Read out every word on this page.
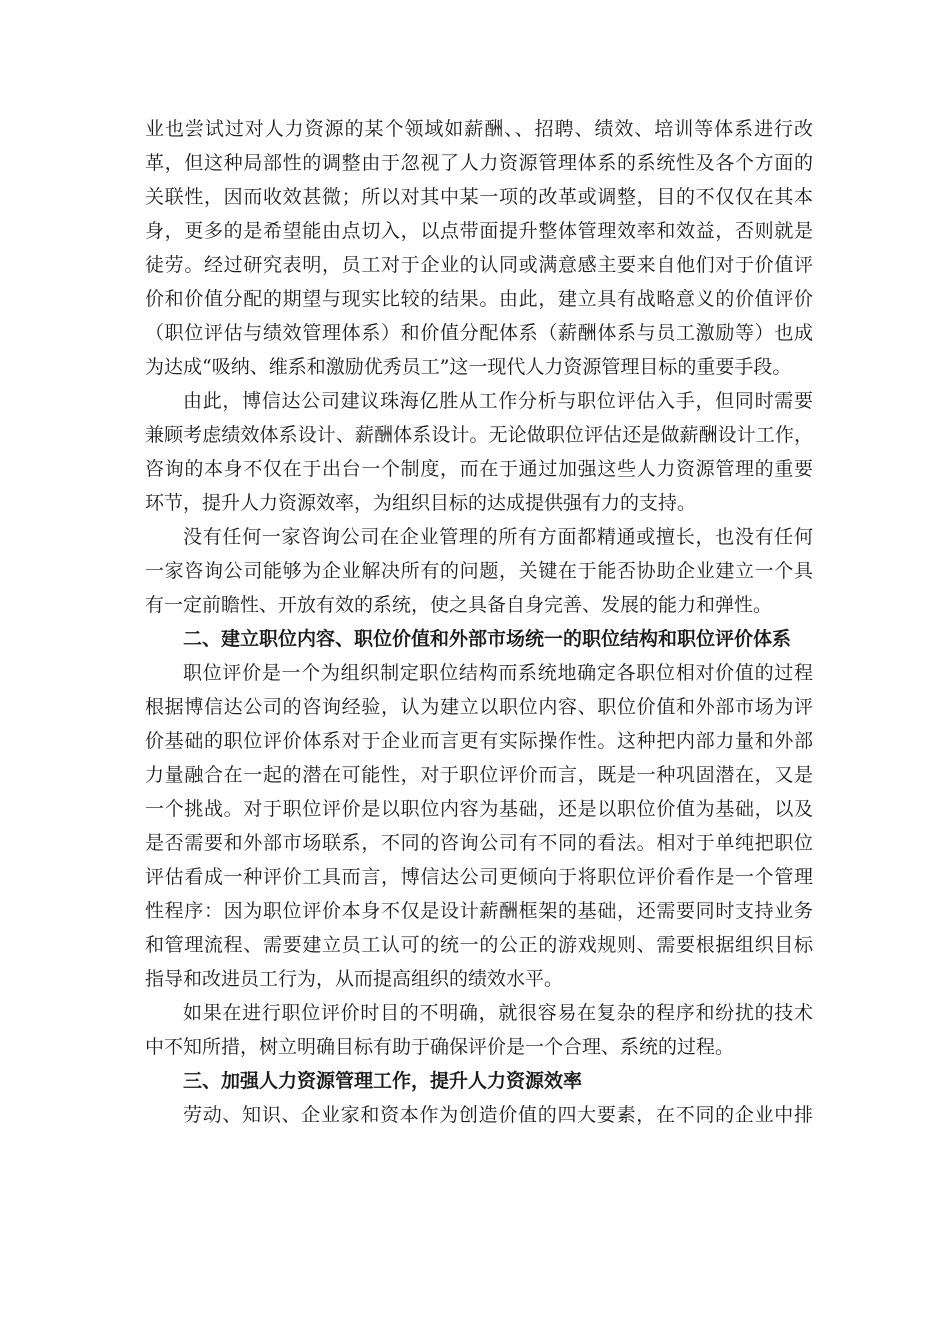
业也尝试过对人力资源的某个领域如薪酬、、招聘、绩效、培训等体系进行改
革，但这种局部性的调整由于忽视了人力资源管理体系的系统性及各个方面的
关联性，因而收效甚微；所以对其中某一项的改革或调整，目的不仅仅在其本
身，更多的是希望能由点切入，以点带面提升整体管理效率和效益，否则就是
徒劳。经过研究表明，员工对于企业的认同或满意感主要来自他们对于价值评
价和价值分配的期望与现实比较的结果。由此，建立具有战略意义的价值评价
（职位评估与绩效管理体系）和价值分配体系（薪酬体系与员工激励等）也成
为达成“吸纳、维系和激励优秀员工”这一现代人力资源管理目标的重要手段。

由此，博信达公司建议珠海亿胜从工作分析与职位评估入手，但同时需要
兼顾考虑绩效体系设计、薪酬体系设计。无论做职位评估还是做薪酬设计工作，
咨询的本身不仅在于出台一个制度，而在于通过加强这些人力资源管理的重要
环节，提升人力资源效率，为组织目标的达成提供强有力的支持。

没有任何一家咨询公司在企业管理的所有方面都精通或擅长，也没有任何
一家咨询公司能够为企业解决所有的问题，关键在于能否协助企业建立一个具
有一定前瞻性、开放有效的系统，使之具备自身完善、发展的能力和弹性。

二、建立职位内容、职位价值和外部市场统一的职位结构和职位评价体系

职位评价是一个为组织制定职位结构而系统地确定各职位相对价值的过程
根据博信达公司的咨询经验，认为建立以职位内容、职位价值和外部市场为评
价基础的职位评价体系对于企业而言更有实际操作性。这种把内部力量和外部
力量融合在一起的潜在可能性，对于职位评价而言，既是一种巩固潜在，又是
一个挑战。对于职位评价是以职位内容为基础，还是以职位价值为基础，以及
是否需要和外部市场联系，不同的咨询公司有不同的看法。相对于单纯把职位
评估看成一种评价工具而言，博信达公司更倾向于将职位评价看作是一个管理
性程序：因为职位评价本身不仅是设计薪酬框架的基础，还需要同时支持业务
和管理流程、需要建立员工认可的统一的公正的游戏规则、需要根据组织目标
指导和改进员工行为，从而提高组织的绩效水平。

如果在进行职位评价时目的不明确，就很容易在复杂的程序和纷扰的技术
中不知所措，树立明确目标有助于确保评价是一个合理、系统的过程。

三、加强人力资源管理工作，提升人力资源效率

劳动、知识、企业家和资本作为创造价值的四大要素，在不同的企业中排
